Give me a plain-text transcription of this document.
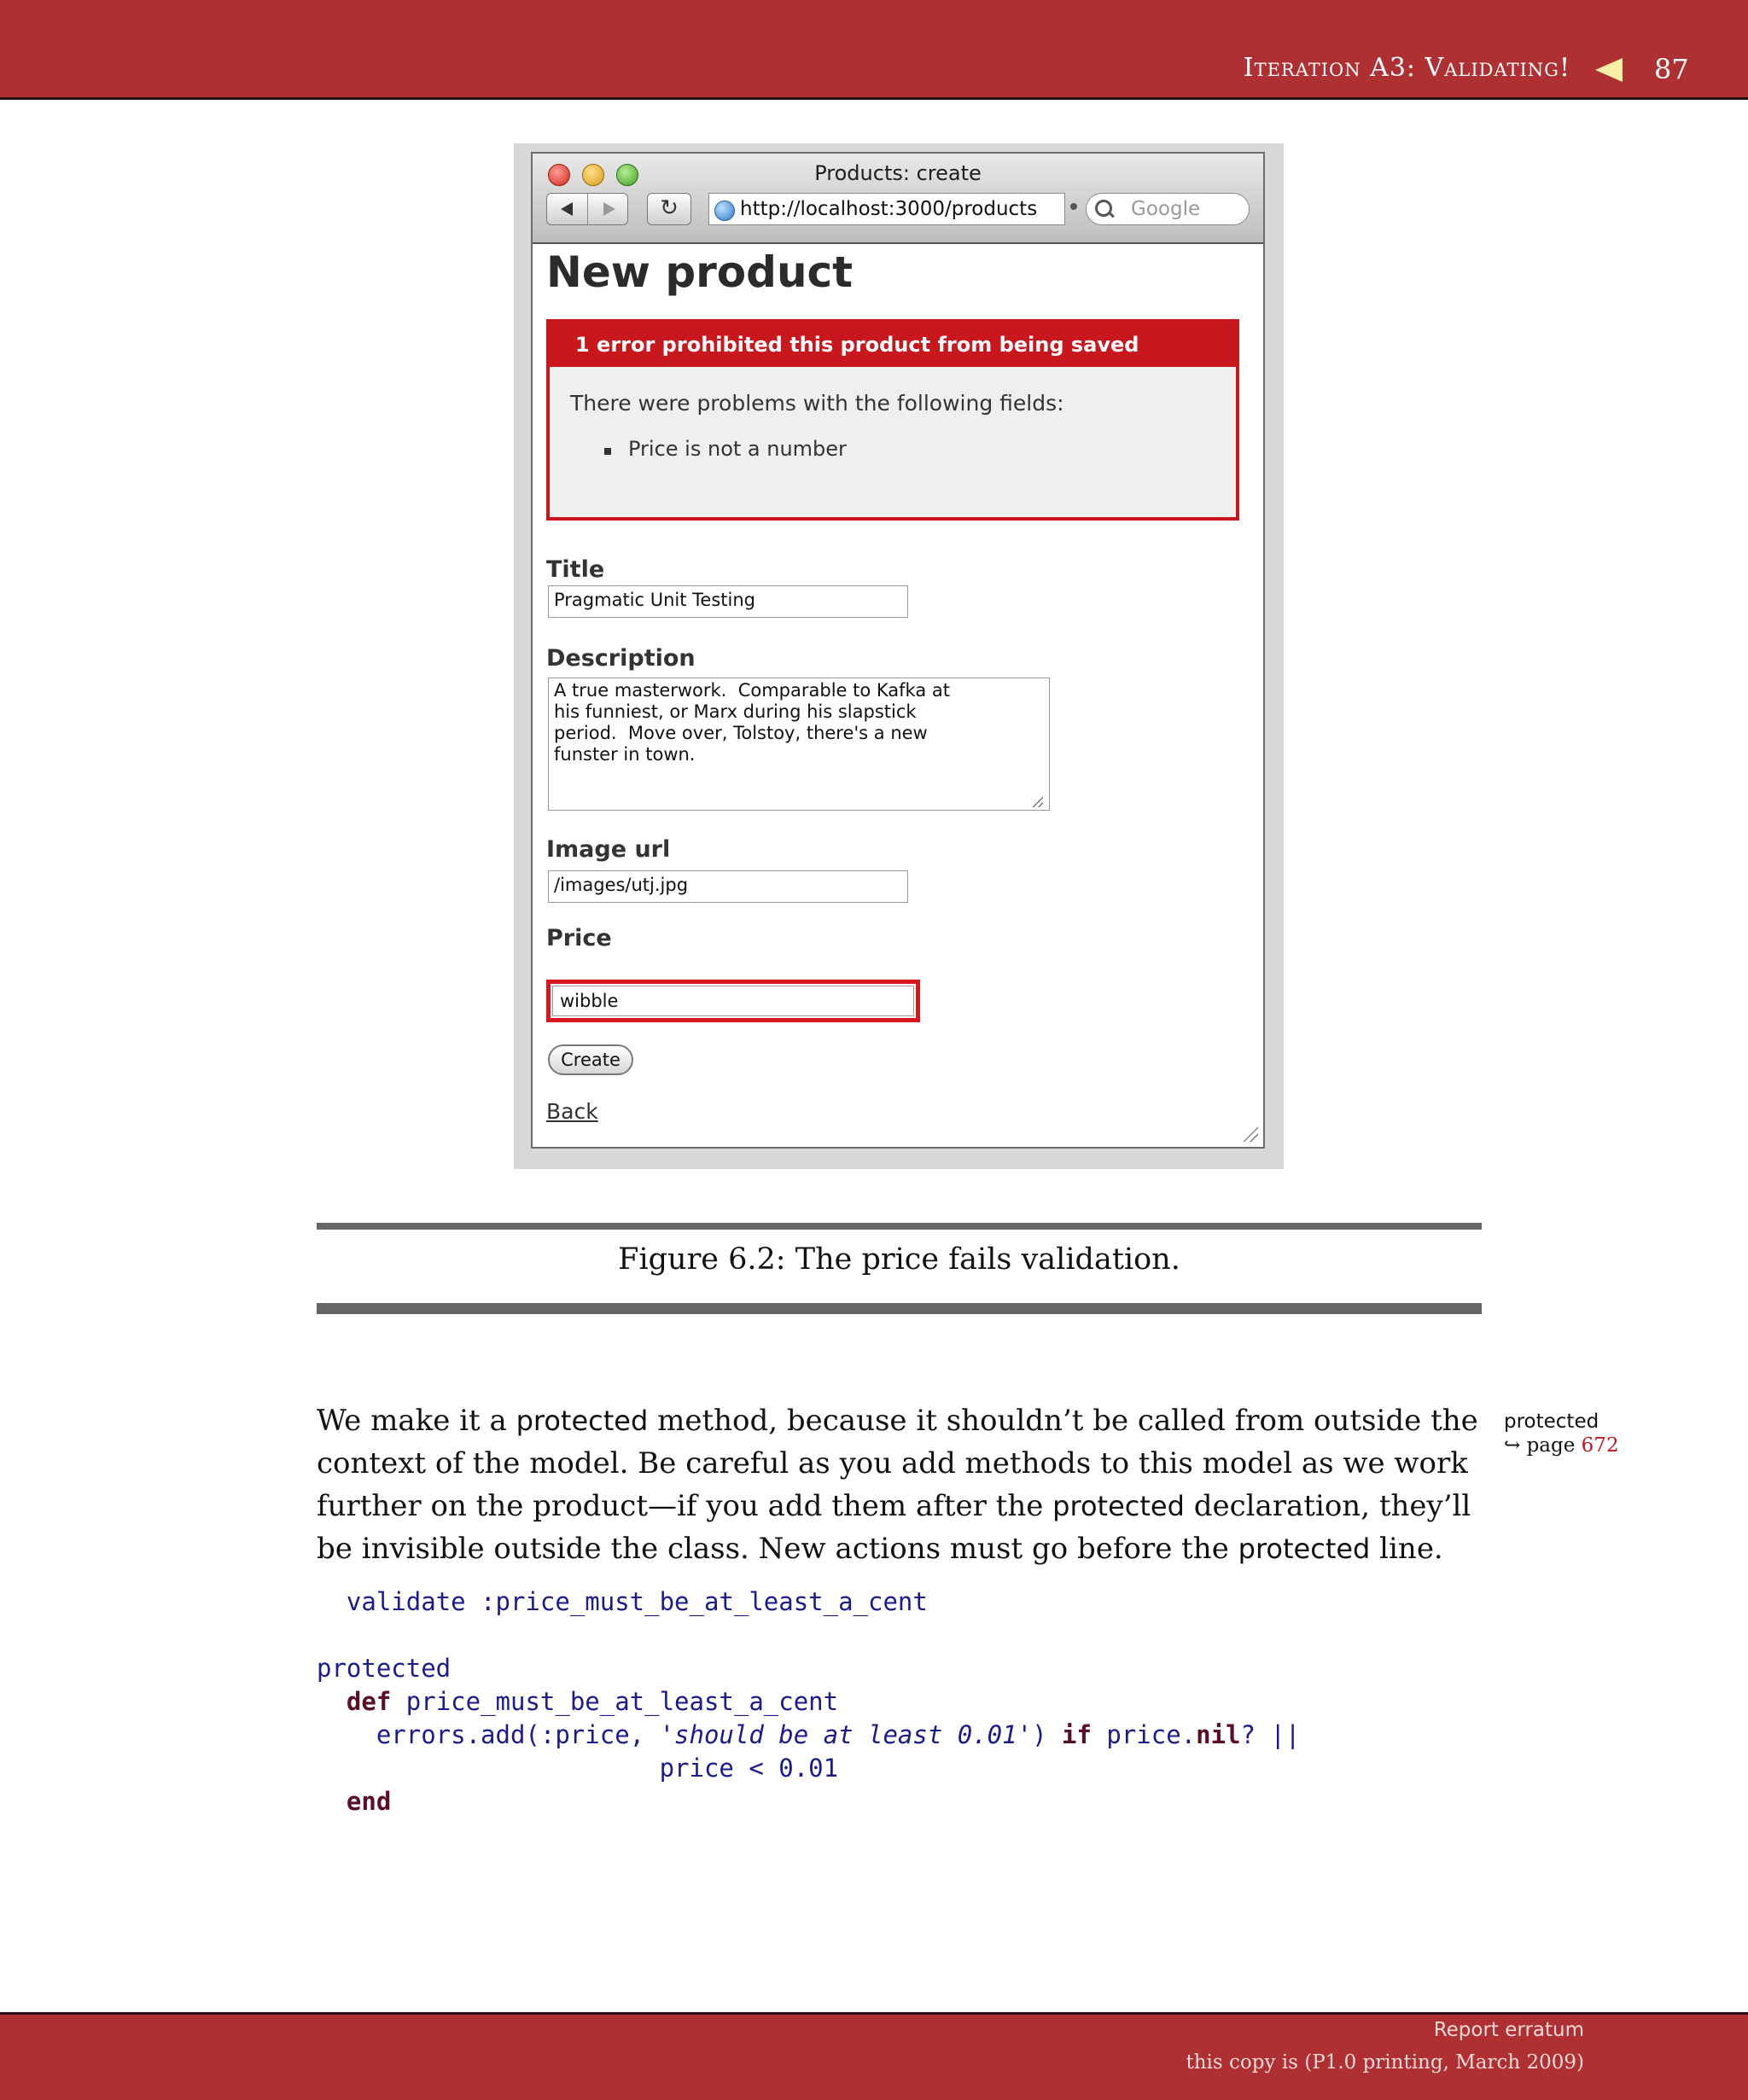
Iteration A3: Validating!	87
Products: create
↻	http://localhost:3000/products	Google
New product
1 error prohibited this product from being saved
There were problems with the following fields:
Price is not a number
Title
Pragmatic Unit Testing
Description
A true masterwork.  Comparable to Kafka at
his funniest, or Marx during his slapstick
period.  Move over, Tolstoy, there's a new
funster in town.
Image url
/images/utj.jpg
Price
wibble
Create
Back
Figure 6.2: The price fails validation.
We make it a protected method, because it shouldn’t be called from outside the
context of the model. Be careful as you add methods to this model as we work
further on the product—if you add them after the protected declaration, they’ll
be invisible outside the class. New actions must go before the protected line.
protected
↪ page 672
validate :price_must_be_at_least_a_cent

protected
def price_must_be_at_least_a_cent
errors.add(:price, 'should be at least 0.01') if price.nil? ||
price < 0.01
end
Report erratum
this copy is (P1.0 printing, March 2009)
